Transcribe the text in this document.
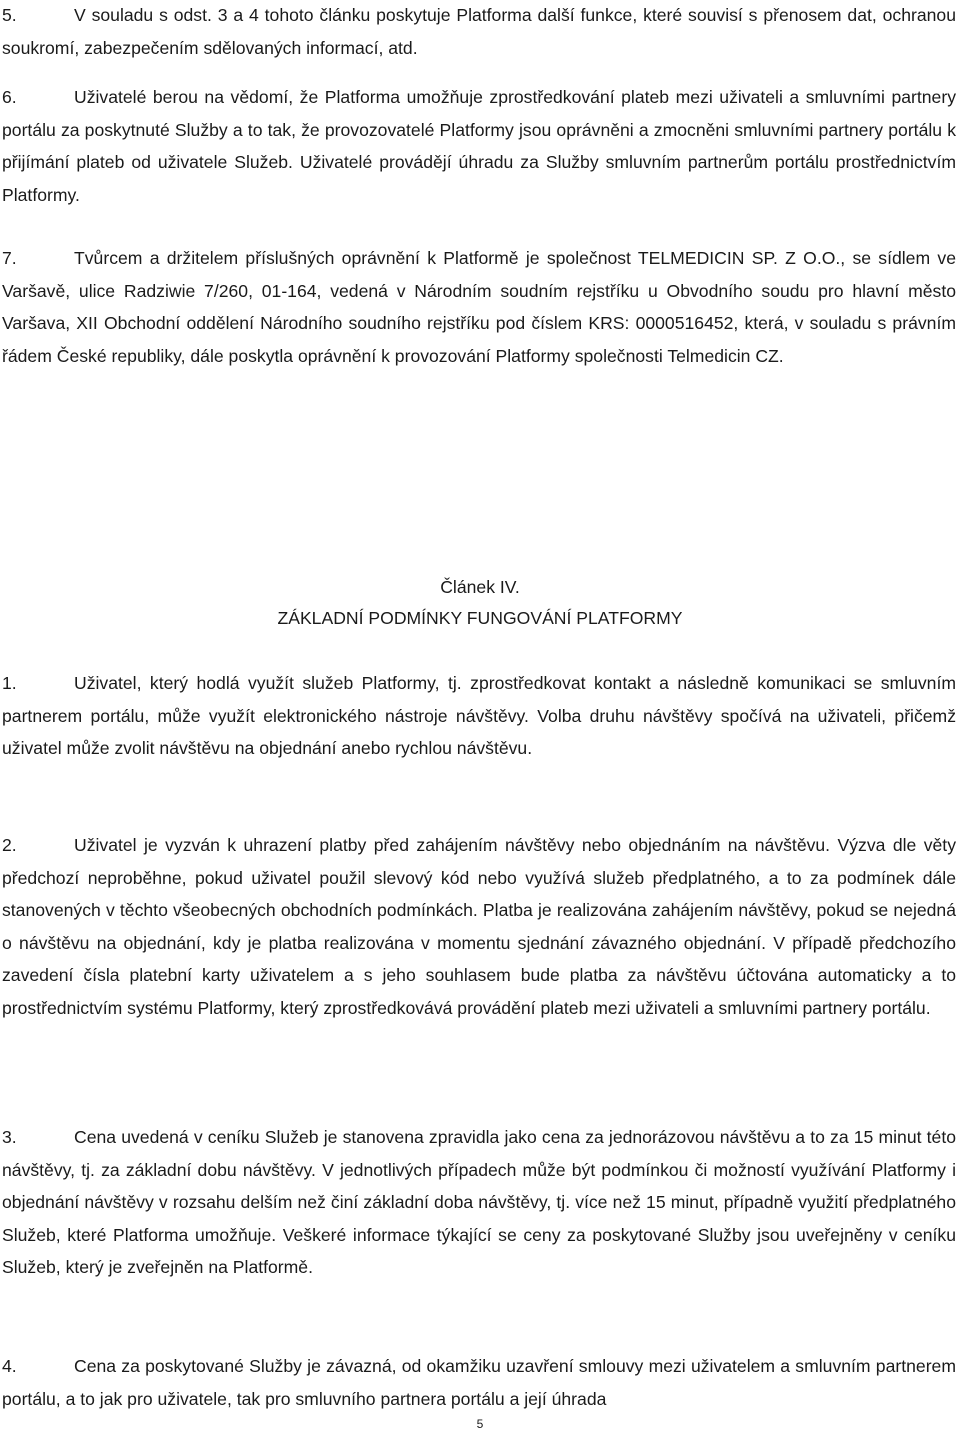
5.	V souladu s odst. 3 a 4 tohoto článku poskytuje Platforma další funkce, které souvisí s přenosem dat, ochranou soukromí, zabezpečením sdělovaných informací, atd.

6.	Uživatelé berou na vědomí, že Platforma umožňuje zprostředkování plateb mezi uživateli a smluvními partnery portálu za poskytnuté Služby a to tak, že provozovatelé Platformy jsou oprávněni a zmocněni smluvními partnery portálu k přijímání plateb od uživatele Služeb. Uživatelé provádějí úhradu za Služby smluvním partnerům portálu prostřednictvím Platformy.

7.	Tvůrcem a držitelem příslušných oprávnění k Platformě je společnost TELMEDICIN SP. Z O.O., se sídlem ve Varšavě, ulice Radziwie 7/260, 01-164, vedená v Národním soudním rejstříku u Obvodního soudu pro hlavní město Varšava, XII Obchodní oddělení Národního soudního rejstříku pod číslem KRS: 0000516452, která, v souladu s právním řádem České republiky, dále poskytla oprávnění k provozování Platformy společnosti Telmedicin CZ.

Článek IV.

ZÁKLADNÍ PODMÍNKY FUNGOVÁNÍ PLATFORMY

1.	Uživatel, který hodlá využít služeb Platformy, tj. zprostředkovat kontakt a následně komunikaci se smluvním partnerem portálu, může využít elektronického nástroje návštěvy. Volba druhu návštěvy spočívá na uživateli, přičemž uživatel může zvolit návštěvu na objednání anebo rychlou návštěvu.

2.	Uživatel je vyzván k uhrazení platby před zahájením návštěvy nebo objednáním na návštěvu. Výzva dle věty předchozí neproběhne, pokud uživatel použil slevový kód nebo využívá služeb předplatného, a to za podmínek dále stanovených v těchto všeobecných obchodních podmínkách. Platba je realizována zahájením návštěvy, pokud se nejedná o návštěvu na objednání, kdy je platba realizována v momentu sjednání závazného objednání. V případě předchozího zavedení čísla platební karty uživatelem a s jeho souhlasem bude platba za návštěvu účtována automaticky a to prostřednictvím systému Platformy, který zprostředkovává provádění plateb mezi uživateli a smluvními partnery portálu.

3.	Cena uvedená v ceníku Služeb je stanovena zpravidla jako cena za jednorázovou návštěvu a to za 15 minut této návštěvy, tj. za základní dobu návštěvy. V jednotlivých případech může být podmínkou či možností využívání Platformy i objednání návštěvy v rozsahu delším než činí základní doba návštěvy, tj. více než 15 minut, případně využití předplatného Služeb, které Platforma umožňuje. Veškeré informace týkající se ceny za poskytované Služby jsou uveřejněny v ceníku Služeb, který je zveřejněn na Platformě.

4.	Cena za poskytované Služby je závazná, od okamžiku uzavření smlouvy mezi uživatelem a smluvním partnerem portálu, a to jak pro uživatele, tak pro smluvního partnera portálu a její úhrada

5
